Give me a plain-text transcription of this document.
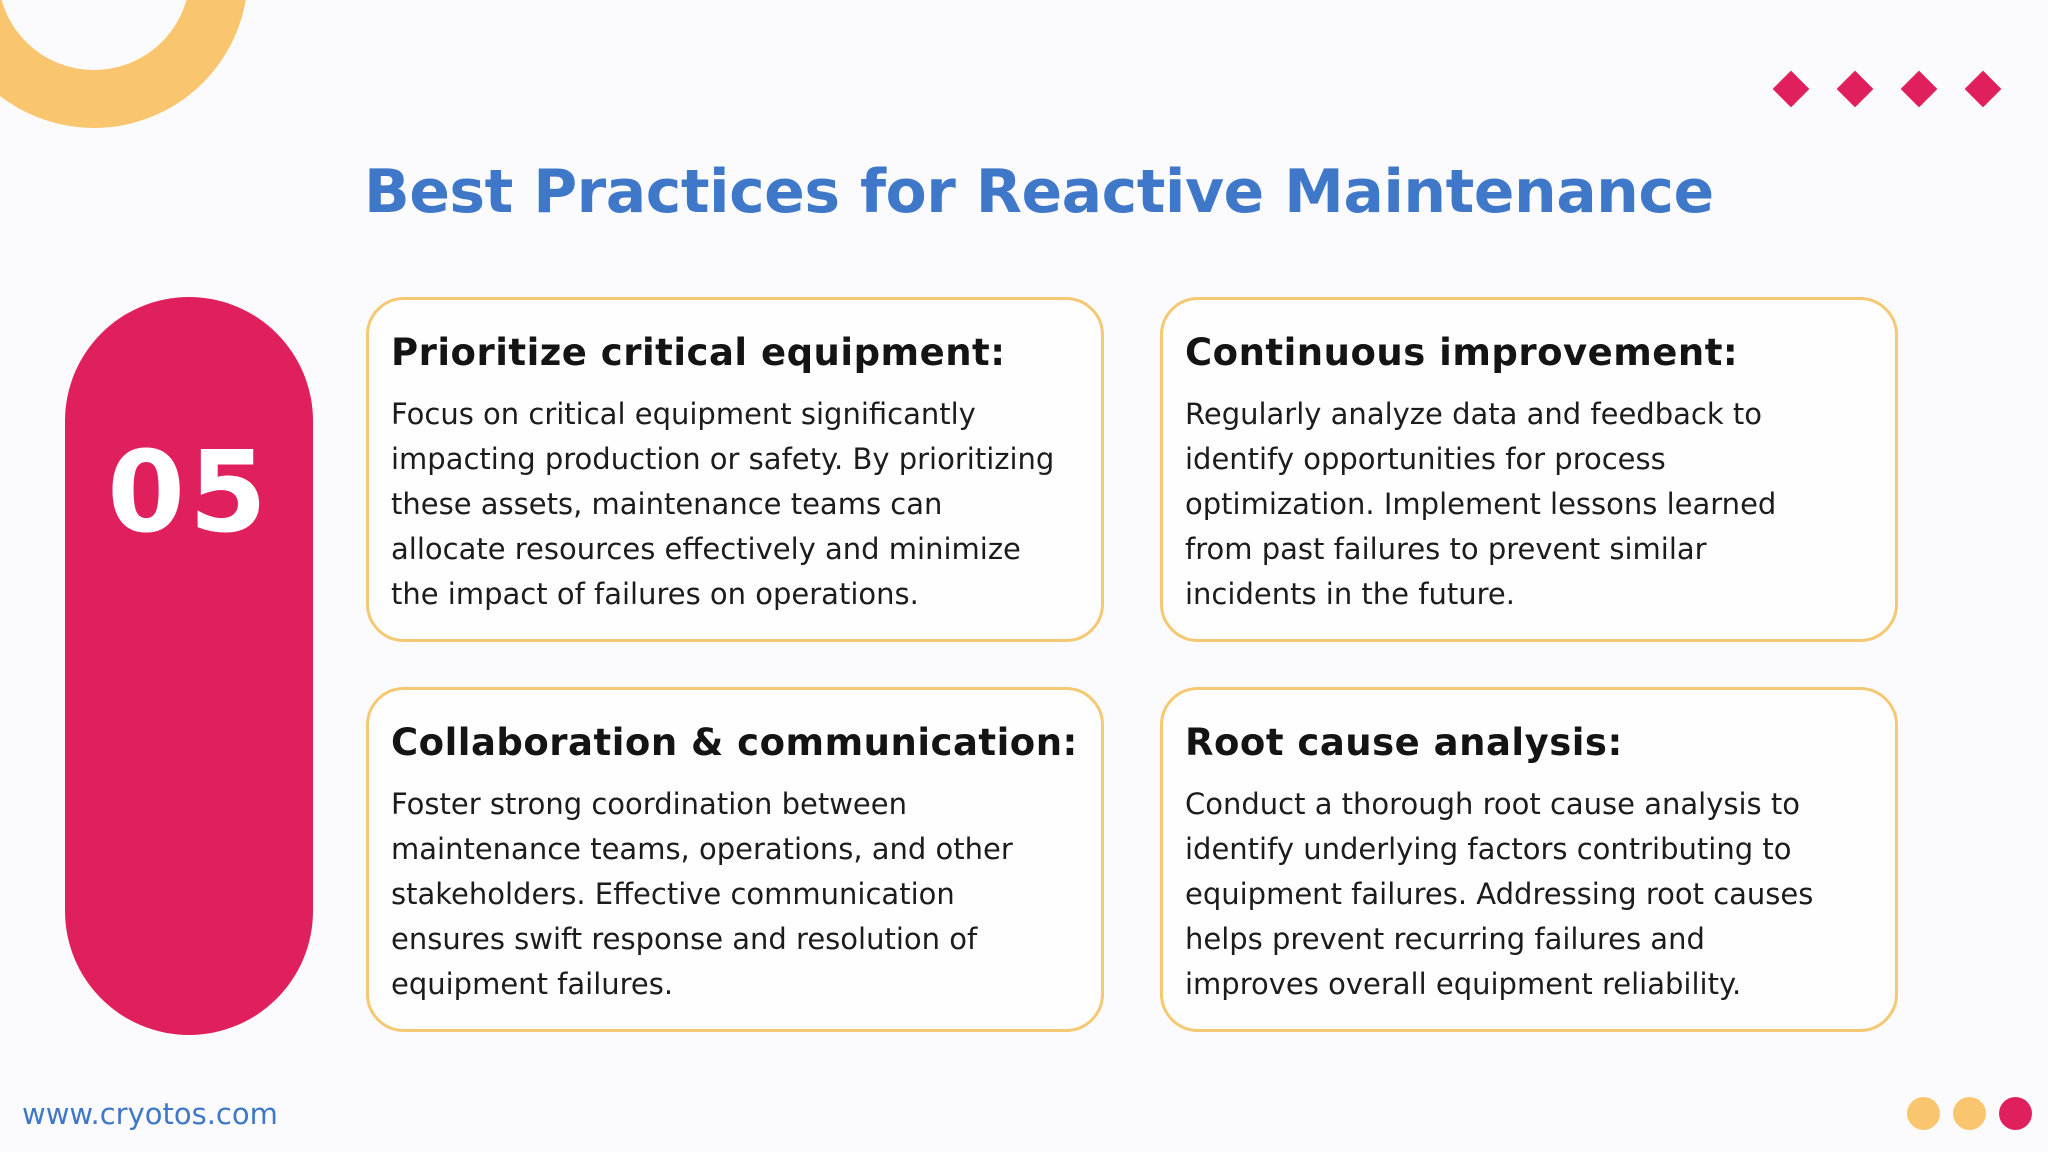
Best Practices for Reactive Maintenance
05
Prioritize critical equipment:
Focus on critical equipment significantly
impacting production or safety. By prioritizing
these assets, maintenance teams can
allocate resources effectively and minimize
the impact of failures on operations.
Continuous improvement:
Regularly analyze data and feedback to
identify opportunities for process
optimization. Implement lessons learned
from past failures to prevent similar
incidents in the future.
Collaboration & communication:
Foster strong coordination between
maintenance teams, operations, and other
stakeholders. Effective communication
ensures swift response and resolution of
equipment failures.
Root cause analysis:
Conduct a thorough root cause analysis to
identify underlying factors contributing to
equipment failures. Addressing root causes
helps prevent recurring failures and
improves overall equipment reliability.
www.cryotos.com
